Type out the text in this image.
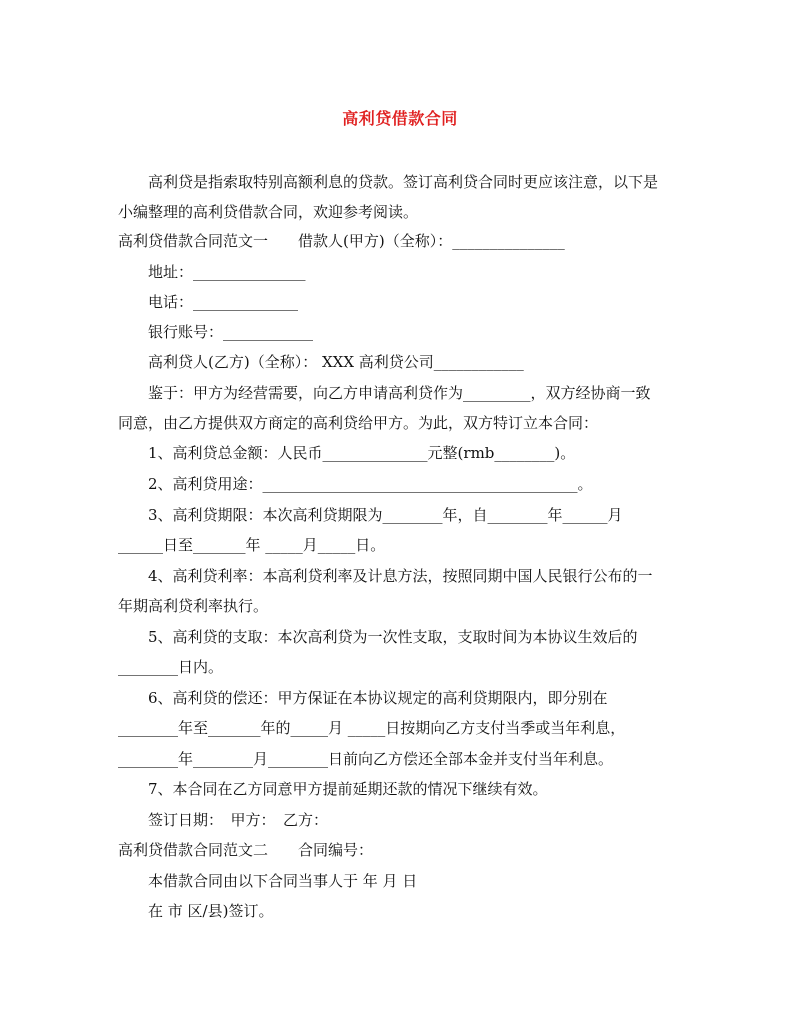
高利贷借款合同
高利贷是指索取特别高额利息的贷款。签订高利贷合同时更应该注意，以下是
小编整理的高利贷借款合同，欢迎参考阅读。
高利贷借款合同范文一　　借款人(甲方)（全称）：_______________
地址：_______________
电话：______________
银行账号：____________
高利贷人(乙方)（全称）： XXX 高利贷公司____________
鉴于：甲方为经营需要，向乙方申请高利贷作为_________，双方经协商一致
同意，由乙方提供双方商定的高利贷给甲方。为此，双方特订立本合同：
1、高利贷总金额：人民币______________元整(rmb________)。
2、高利贷用途：__________________________________________。
3、高利贷期限：本次高利贷期限为________年，自________年______月
______日至_______年 _____月_____日。
4、高利贷利率：本高利贷利率及计息方法，按照同期中国人民银行公布的一
年期高利贷利率执行。
5、高利贷的支取：本次高利贷为一次性支取，支取时间为本协议生效后的
________日内。
6、高利贷的偿还：甲方保证在本协议规定的高利贷期限内，即分别在
________年至_______年的_____月 _____日按期向乙方支付当季或当年利息，
________年________月________日前向乙方偿还全部本金并支付当年利息。
7、本合同在乙方同意甲方提前延期还款的情况下继续有效。
签订日期：　甲方：　乙方：
高利贷借款合同范文二　　合同编号：
本借款合同由以下合同当事人于 年 月 日
在 市 区/县)签订。
